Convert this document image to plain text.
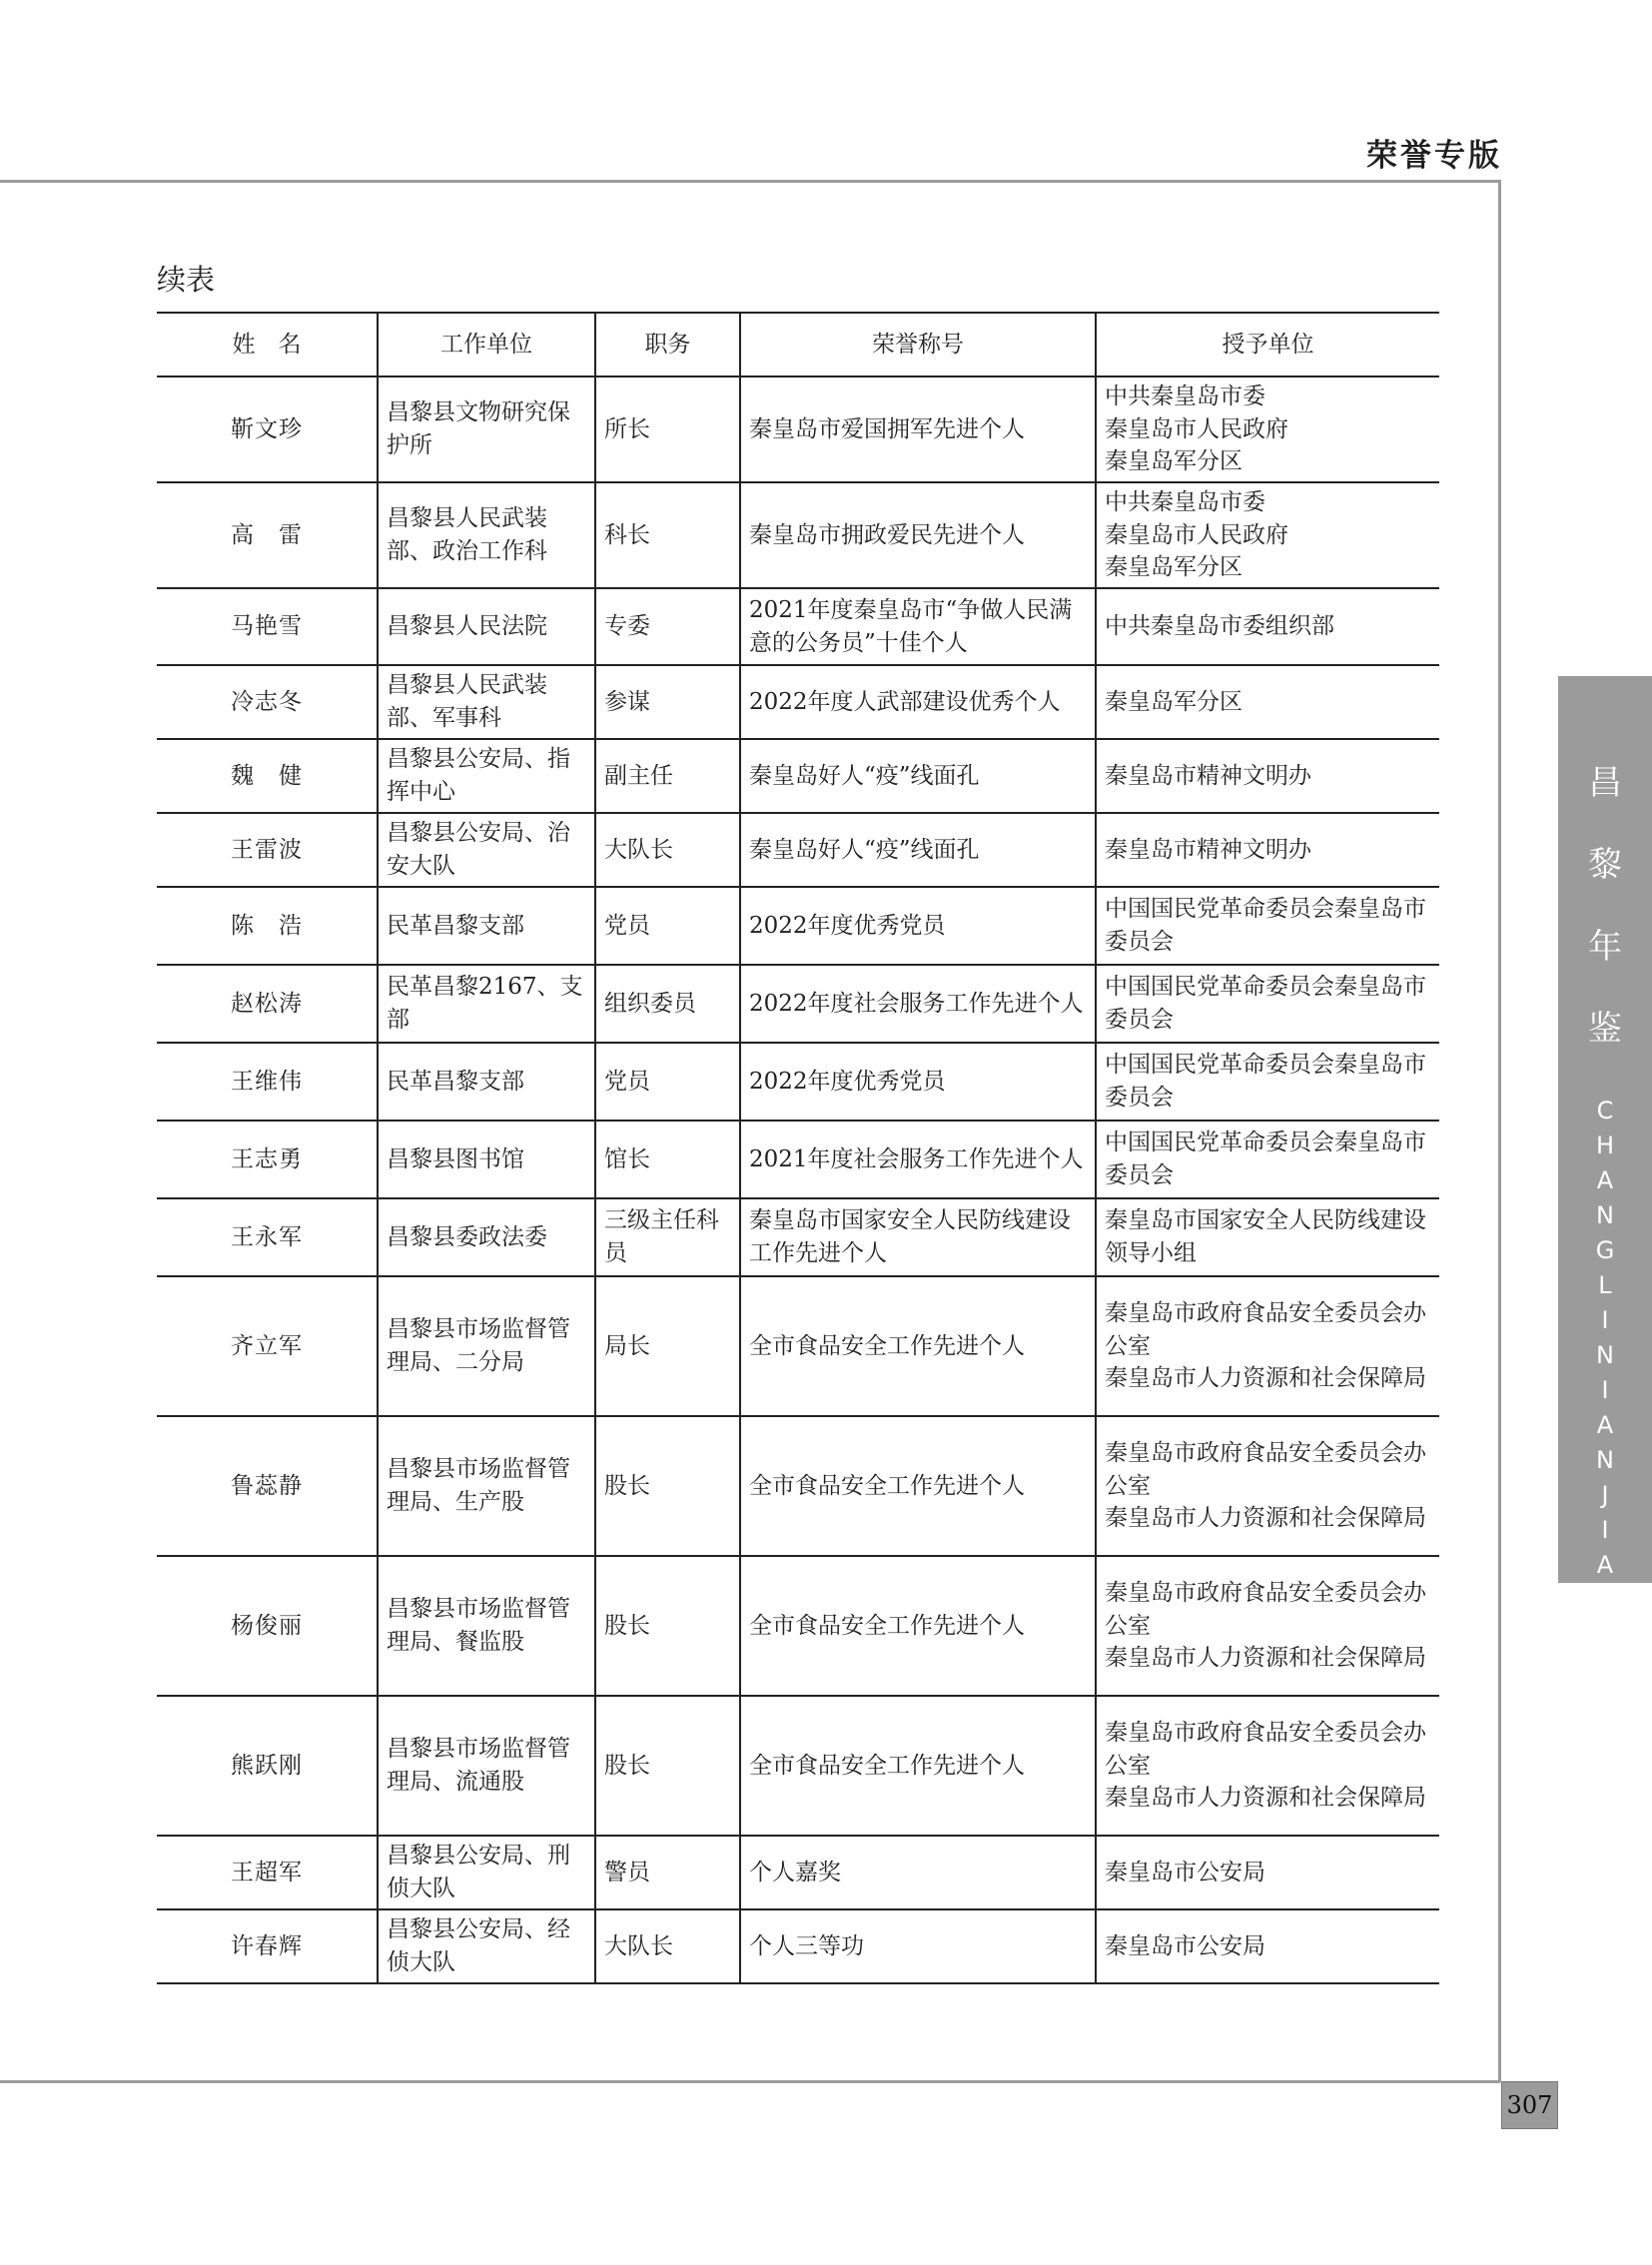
荣誉专版
昌
黎
年
鉴
C
H
A
N
G
L
I
N
I
A
N
J
I
A
N
307
续表
姓　名	工作单位	职务	荣誉称号	授予单位
靳文珍	昌黎县文物研究保护所	所长	秦皇岛市爱国拥军先进个人	中共秦皇岛市委
秦皇岛市人民政府
秦皇岛军分区

高　雷	昌黎县人民武装部、政治工作科	科长	秦皇岛市拥政爱民先进个人	中共秦皇岛市委
秦皇岛市人民政府
秦皇岛军分区

马艳雪	昌黎县人民法院	专委	2021年度秦皇岛市“争做人民满意的公务员”十佳个人	中共秦皇岛市委组织部

冷志冬	昌黎县人民武装部、军事科	参谋	2022年度人武部建设优秀个人	秦皇岛军分区

魏　健	昌黎县公安局、指挥中心	副主任	秦皇岛好人“疫”线面孔	秦皇岛市精神文明办

王雷波	昌黎县公安局、治安大队	大队长	秦皇岛好人“疫”线面孔	秦皇岛市精神文明办

陈　浩	民革昌黎支部	党员	2022年度优秀党员	中国国民党革命委员会秦皇岛市委员会

赵松涛	民革昌黎2167、支部	组织委员	2022年度社会服务工作先进个人	中国国民党革命委员会秦皇岛市委员会

王维伟	民革昌黎支部	党员	2022年度优秀党员	中国国民党革命委员会秦皇岛市委员会

王志勇	昌黎县图书馆	馆长	2021年度社会服务工作先进个人	中国国民党革命委员会秦皇岛市委员会

王永军	昌黎县委政法委	三级主任科员	秦皇岛市国家安全人民防线建设工作先进个人	秦皇岛市国家安全人民防线建设领导小组

齐立军	昌黎县市场监督管理局、二分局	局长	全市食品安全工作先进个人	秦皇岛市政府食品安全委员会办公室
秦皇岛市人力资源和社会保障局

鲁蕊静	昌黎县市场监督管理局、生产股	股长	全市食品安全工作先进个人	秦皇岛市政府食品安全委员会办公室
秦皇岛市人力资源和社会保障局

杨俊丽	昌黎县市场监督管理局、餐监股	股长	全市食品安全工作先进个人	秦皇岛市政府食品安全委员会办公室
秦皇岛市人力资源和社会保障局

熊跃刚	昌黎县市场监督管理局、流通股	股长	全市食品安全工作先进个人	秦皇岛市政府食品安全委员会办公室
秦皇岛市人力资源和社会保障局

王超军	昌黎县公安局、刑侦大队	警员	个人嘉奖	秦皇岛市公安局

许春辉	昌黎县公安局、经侦大队	大队长	个人三等功	秦皇岛市公安局
